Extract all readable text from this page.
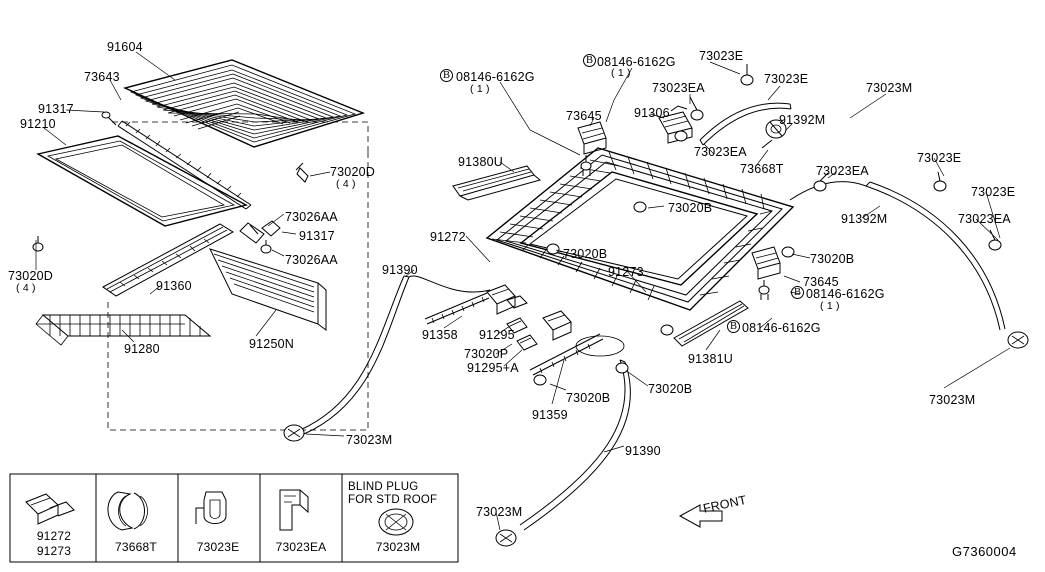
91604
73643
91317
91210
73020D
( 4 )
73026AA
91317
73026AA
73020D
( 4 )	91360
91250N
91280
08146-6162G
( 1 )
08146-6162G
( 1 )
73023E
73023EA
73023E
73023M
73645	91306	91392M
73023EA
73668T	73023EA
73023E
91380U
73020B
73023E
91392M	73023EA
91272
73020B	73020B
91273
73645
91390
08146-6162G
( 1 )
08146-6162G
91358 91295
73020P
91295+A
91381U
73020B
73020B
91359
73023M
73023M
91390
73023M
B
B
B
B
FRONT
91272
91273	73668T	73023E	73023EA	73023M
BLIND PLUG
FOR STD ROOF
G7360004
